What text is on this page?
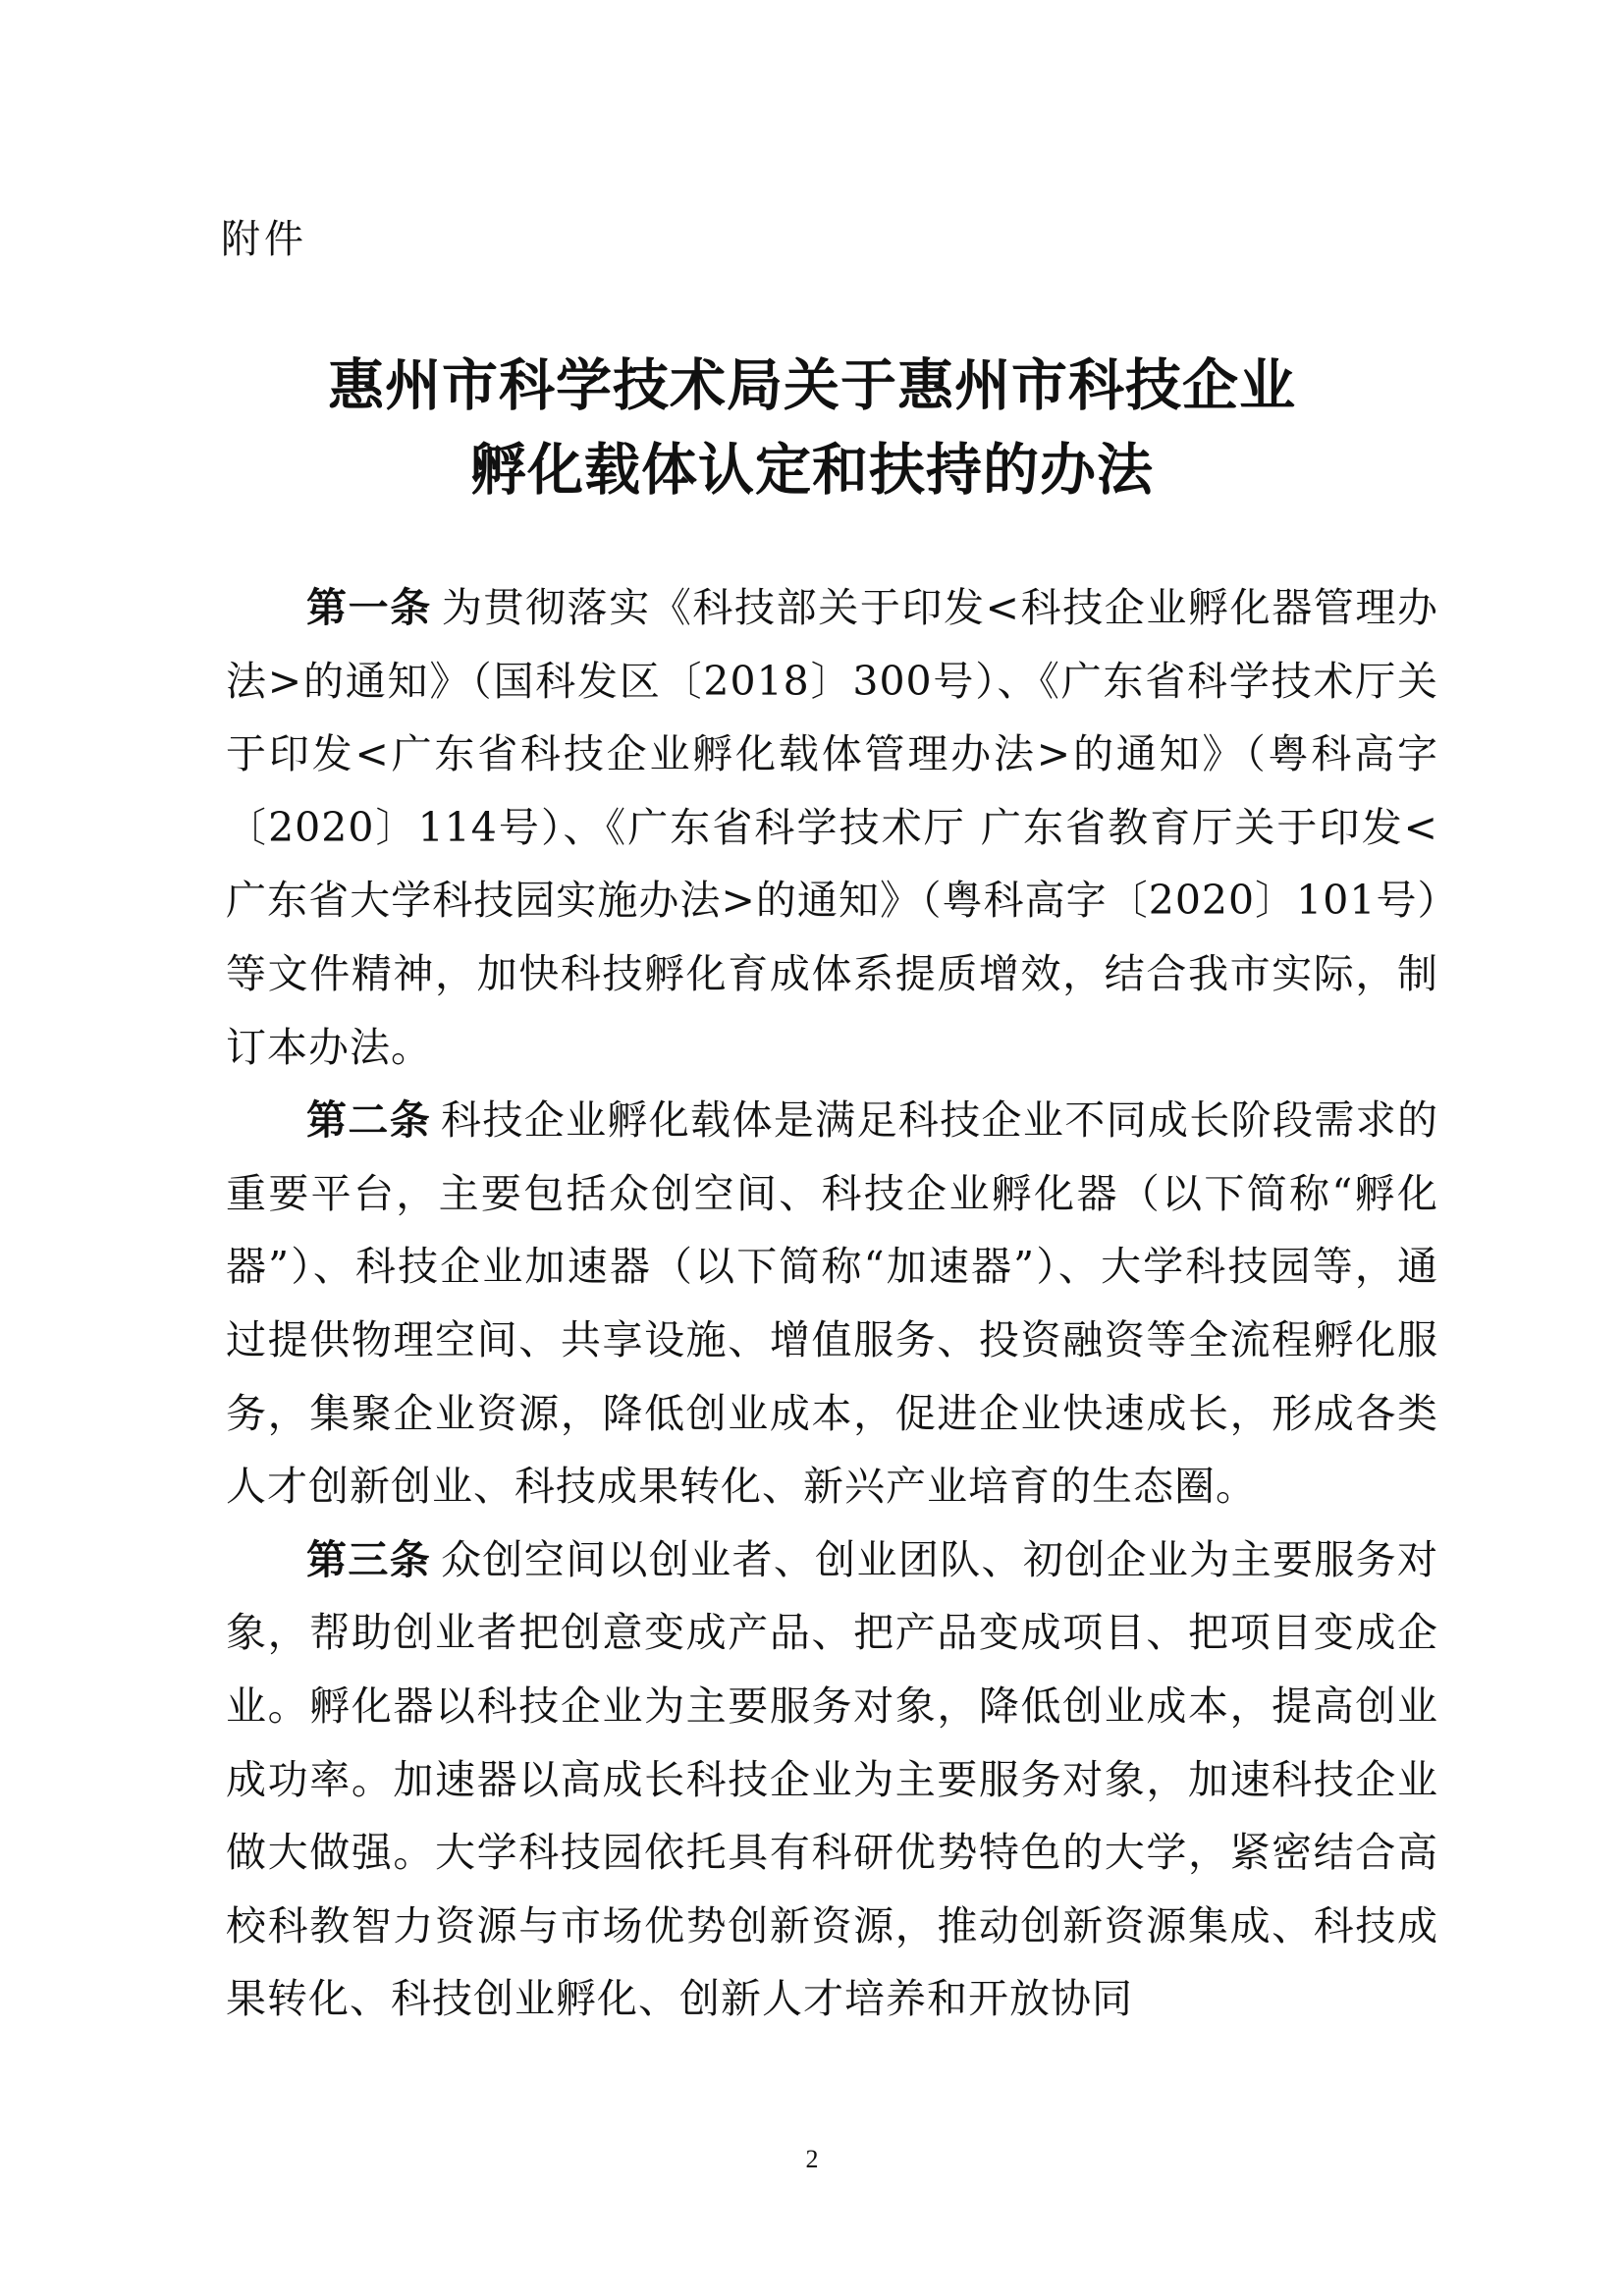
附件
惠州市科学技术局关于惠州市科技企业
孵化载体认定和扶持的办法

第一条 为贯彻落实《科技部关于印发<科技企业孵化器管理办法>的通知》（国科发区〔2018〕300号）、《广东省科学技术厅关于印发<广东省科技企业孵化载体管理办法>的通知》（粤科高字〔2020〕114号）、《广东省科学技术厅 广东省教育厅关于印发<广东省大学科技园实施办法>的通知》（粤科高字〔2020〕101号）等文件精神，加快科技孵化育成体系提质增效，结合我市实际，制订本办法。

第二条 科技企业孵化载体是满足科技企业不同成长阶段需求的重要平台，主要包括众创空间、科技企业孵化器（以下简称“孵化器”）、科技企业加速器（以下简称“加速器”）、大学科技园等，通过提供物理空间、共享设施、增值服务、投资融资等全流程孵化服务，集聚企业资源，降低创业成本，促进企业快速成长，形成各类人才创新创业、科技成果转化、新兴产业培育的生态圈。

第三条 众创空间以创业者、创业团队、初创企业为主要服务对象，帮助创业者把创意变成产品、把产品变成项目、把项目变成企业。孵化器以科技企业为主要服务对象，降低创业成本，提高创业成功率。加速器以高成长科技企业为主要服务对象，加速科技企业做大做强。大学科技园依托具有科研优势特色的大学，紧密结合高校科教智力资源与市场优势创新资源，推动创新资源集成、科技成果转化、科技创业孵化、创新人才培养和开放协同

2
